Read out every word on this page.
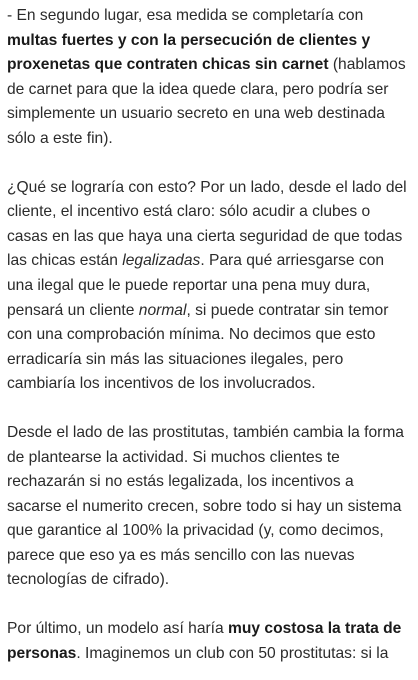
- En segundo lugar, esa medida se completaría con multas fuertes y con la persecución de clientes y proxenetas que contraten chicas sin carnet (hablamos de carnet para que la idea quede clara, pero podría ser simplemente un usuario secreto en una web destinada sólo a este fin).

¿Qué se lograría con esto? Por un lado, desde el lado del cliente, el incentivo está claro: sólo acudir a clubes o casas en las que haya una cierta seguridad de que todas las chicas están legalizadas. Para qué arriesgarse con una ilegal que le puede reportar una pena muy dura, pensará un cliente normal, si puede contratar sin temor con una comprobación mínima. No decimos que esto erradicaría sin más las situaciones ilegales, pero cambiaría los incentivos de los involucrados.

Desde el lado de las prostitutas, también cambia la forma de plantearse la actividad. Si muchos clientes te rechazarán si no estás legalizada, los incentivos a sacarse el numerito crecen, sobre todo si hay un sistema que garantice al 100% la privacidad (y, como decimos, parece que eso ya es más sencillo con las nuevas tecnologías de cifrado).

Por último, un modelo así haría muy costosa la trata de personas. Imaginemos un club con 50 prostitutas: si la
